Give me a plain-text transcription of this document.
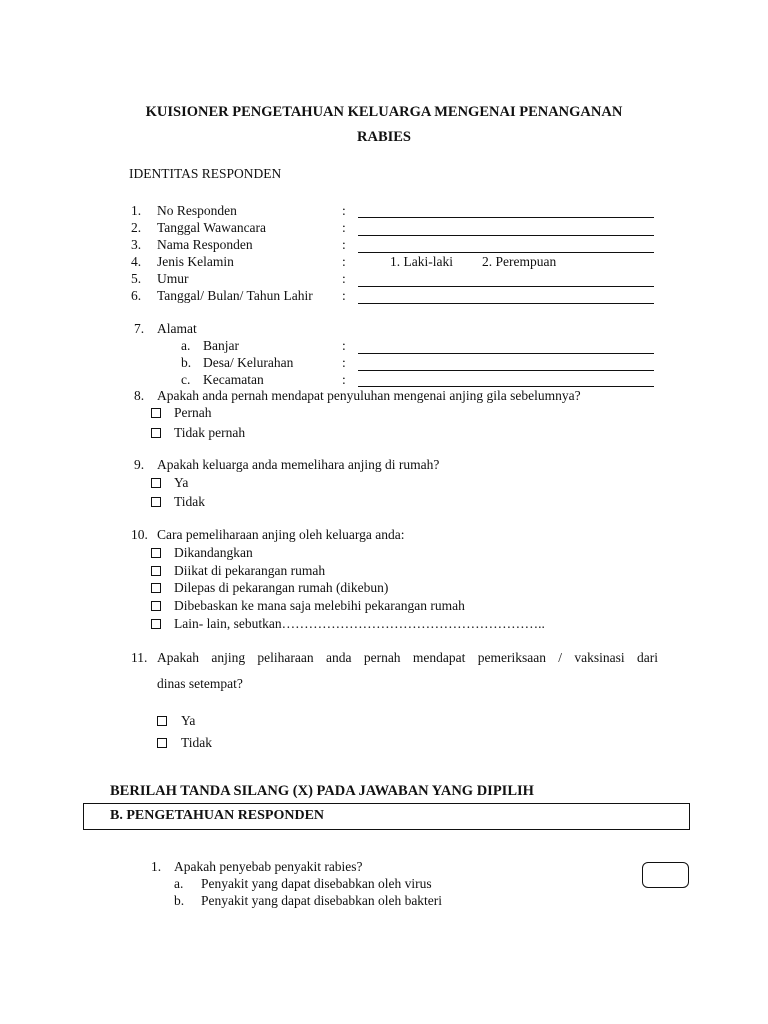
KUISIONER PENGETAHUAN KELUARGA MENGENAI PENANGANAN
RABIES
IDENTITAS RESPONDEN
1. No Responden	:
2. Tanggal Wawancara	:
3. Nama Responden	:
4. Jenis Kelamin	:	1. Laki-laki 2. Perempuan
5. Umur	:
6. Tanggal/ Bulan/ Tahun Lahir :
7. Alamat
a. Banjar	:
b. Desa/ Kelurahan	:
c. Kecamatan	:
8. Apakah anda pernah mendapat penyuluhan mengenai anjing gila sebelumnya?
Pernah
Tidak pernah
9. Apakah keluarga anda memelihara anjing di rumah?
Ya
Tidak
10. Cara pemeliharaan anjing oleh keluarga anda:
Dikandangkan
Diikat di pekarangan rumah
Dilepas di pekarangan rumah (dikebun)
Dibebaskan ke mana saja melebihi pekarangan rumah
Lain- lain, sebutkan…………………………………………………..
11. Apakah anjing peliharaan anda pernah mendapat pemeriksaan / vaksinasi dari
dinas setempat?
Ya
Tidak
BERILAH TANDA SILANG (X) PADA JAWABAN YANG DIPILIH
B. PENGETAHUAN RESPONDEN
1. Apakah penyebab penyakit rabies?
a. Penyakit yang dapat disebabkan oleh virus
b. Penyakit yang dapat disebabkan oleh bakteri
